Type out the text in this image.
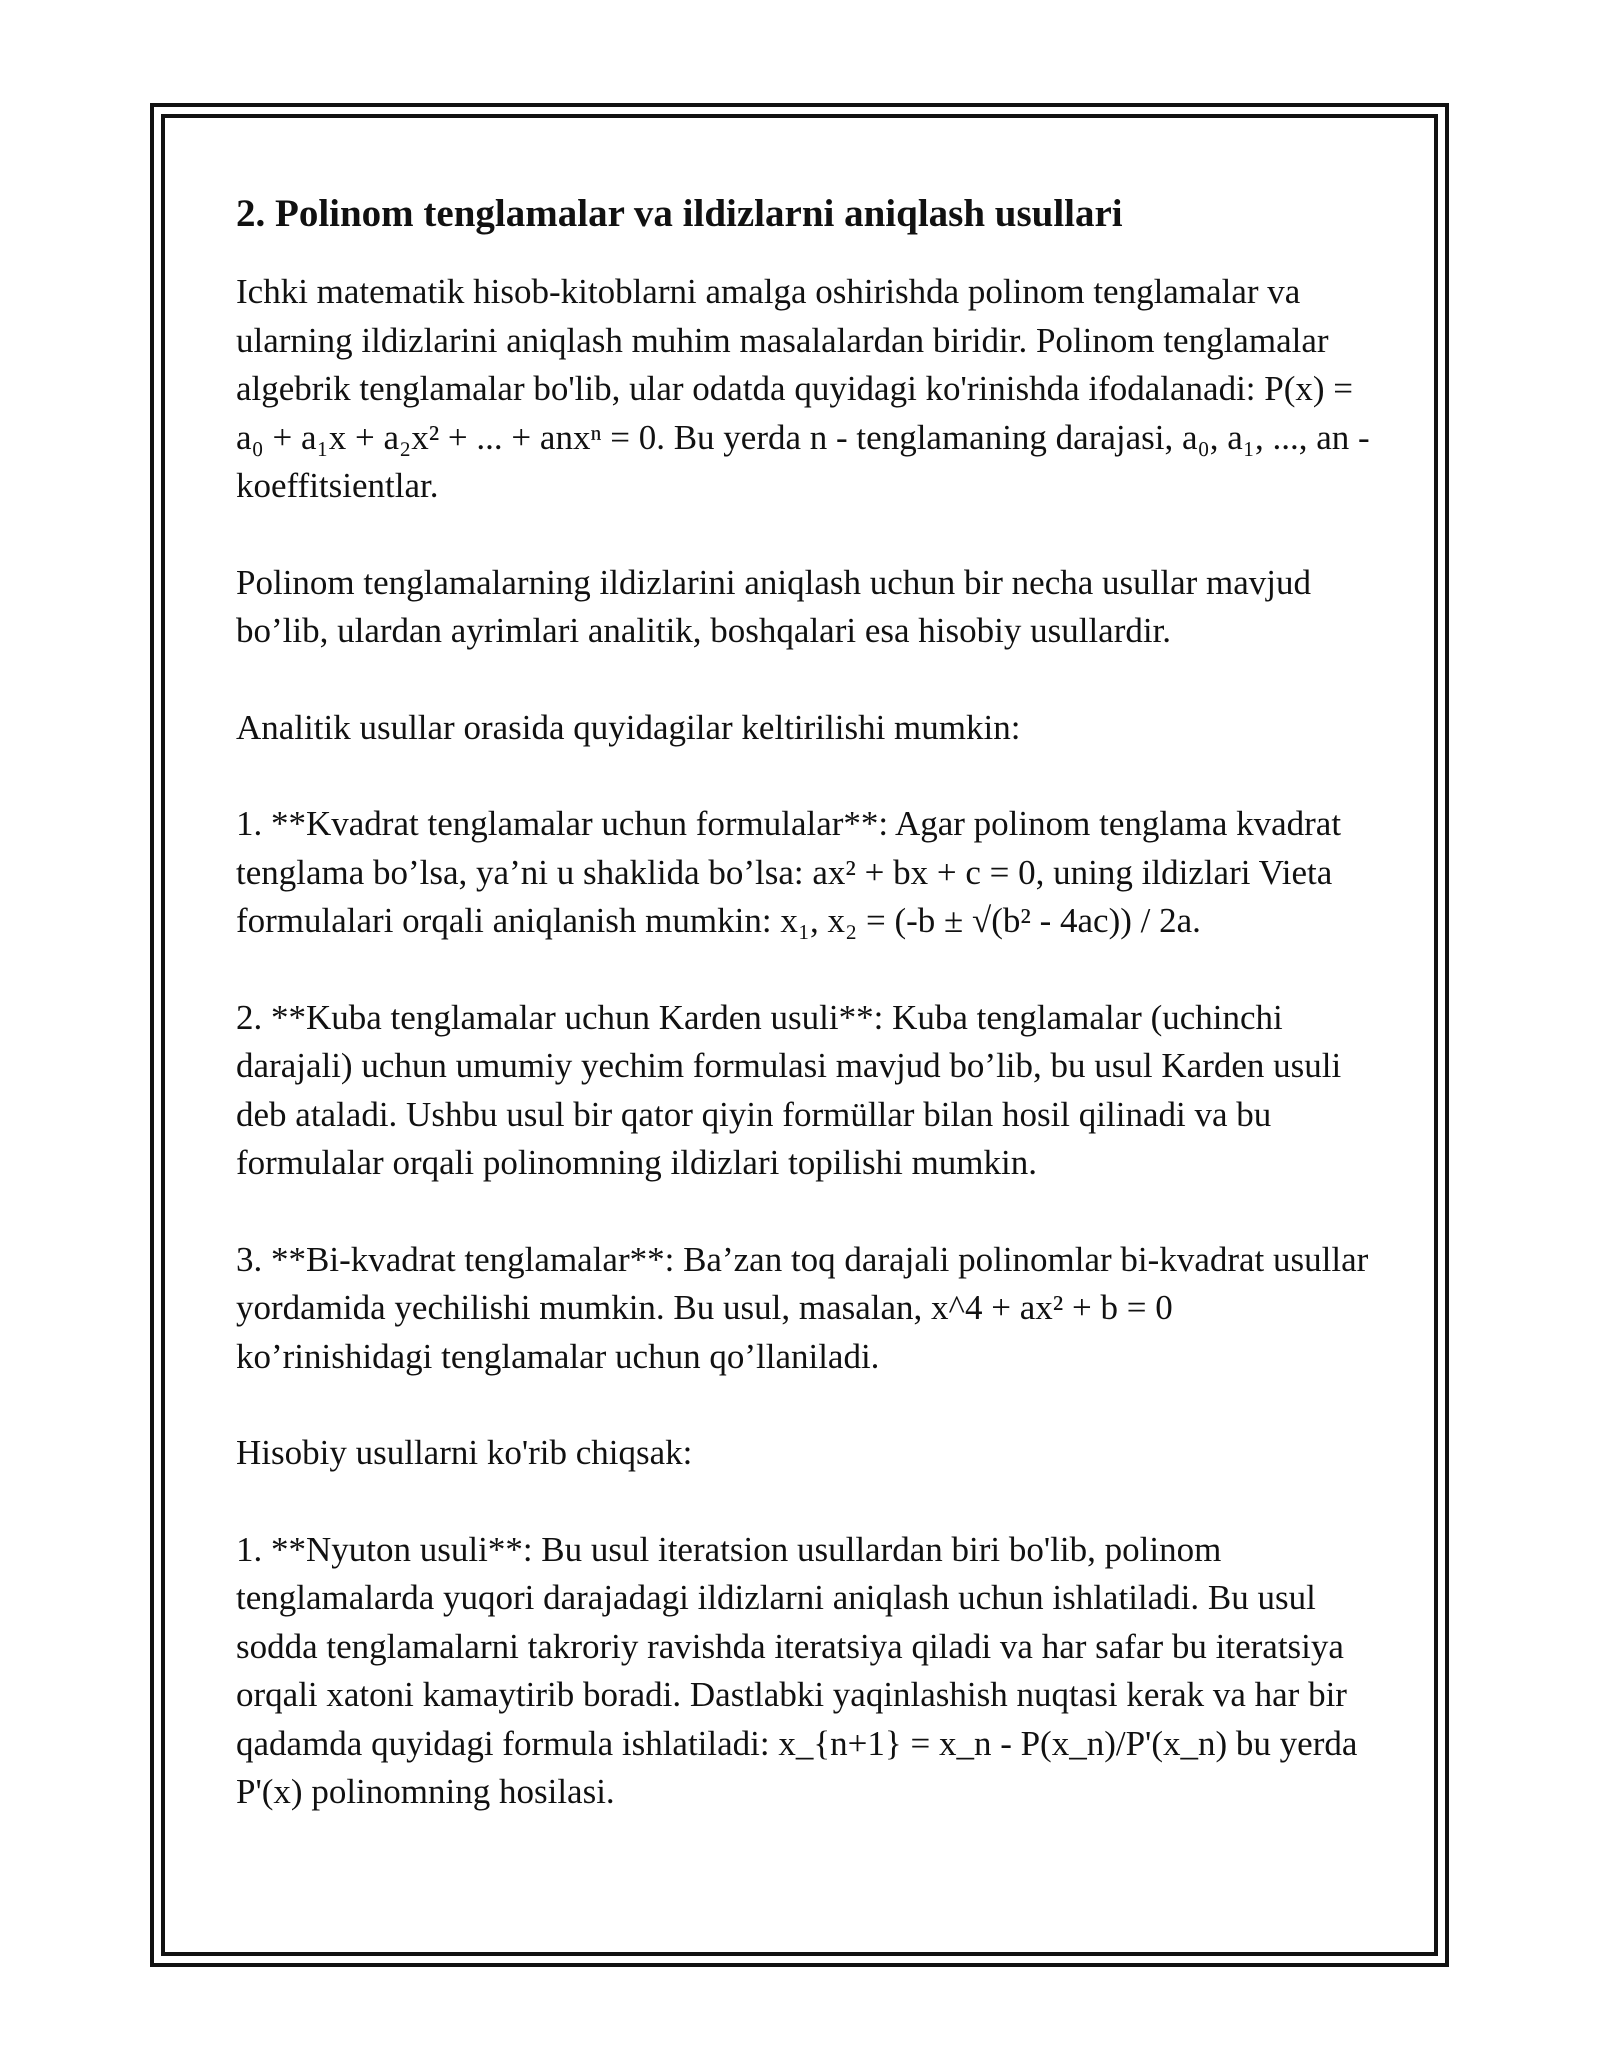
2. Polinom tenglamalar va ildizlarni aniqlash usullari

Ichki matematik hisob-kitoblarni amalga oshirishda polinom tenglamalar va ularning ildizlarini aniqlash muhim masalalardan biridir. Polinom tenglamalar algebrik tenglamalar bo'lib, ular odatda quyidagi ko'rinishda ifodalanadi: P(x) = a₀ + a₁x + a₂x² + ... + anxⁿ = 0. Bu yerda n - tenglamaning darajasi, a₀, a₁, ..., an - koeffitsientlar.

Polinom tenglamalarning ildizlarini aniqlash uchun bir necha usullar mavjud bo’lib, ulardan ayrimlari analitik, boshqalari esa hisobiy usullardir.

Analitik usullar orasida quyidagilar keltirilishi mumkin:

1. **Kvadrat tenglamalar uchun formulalar**: Agar polinom tenglama kvadrat tenglama bo’lsa, ya’ni u shaklida bo’lsa: ax² + bx + c = 0, uning ildizlari Vieta formulalari orqali aniqlanish mumkin: x₁, x₂ = (-b ± √(b² - 4ac)) / 2a.

2. **Kuba tenglamalar uchun Karden usuli**: Kuba tenglamalar (uchinchi darajali) uchun umumiy yechim formulasi mavjud bo’lib, bu usul Karden usuli deb ataladi. Ushbu usul bir qator qiyin formüllar bilan hosil qilinadi va bu formulalar orqali polinomning ildizlari topilishi mumkin.

3. **Bi-kvadrat tenglamalar**: Ba’zan toq darajali polinomlar bi-kvadrat usullar yordamida yechilishi mumkin. Bu usul, masalan, x^4 + ax² + b = 0 ko’rinishidagi tenglamalar uchun qo’llaniladi.

Hisobiy usullarni ko'rib chiqsak:

1. **Nyuton usuli**: Bu usul iteratsion usullardan biri bo'lib, polinom tenglamalarda yuqori darajadagi ildizlarni aniqlash uchun ishlatiladi. Bu usul sodda tenglamalarni takroriy ravishda iteratsiya qiladi va har safar bu iteratsiya orqali xatoni kamaytirib boradi. Dastlabki yaqinlashish nuqtasi kerak va har bir qadamda quyidagi formula ishlatiladi: x_{n+1} = x_n - P(x_n)/P'(x_n) bu yerda P'(x) polinomning hosilasi.
